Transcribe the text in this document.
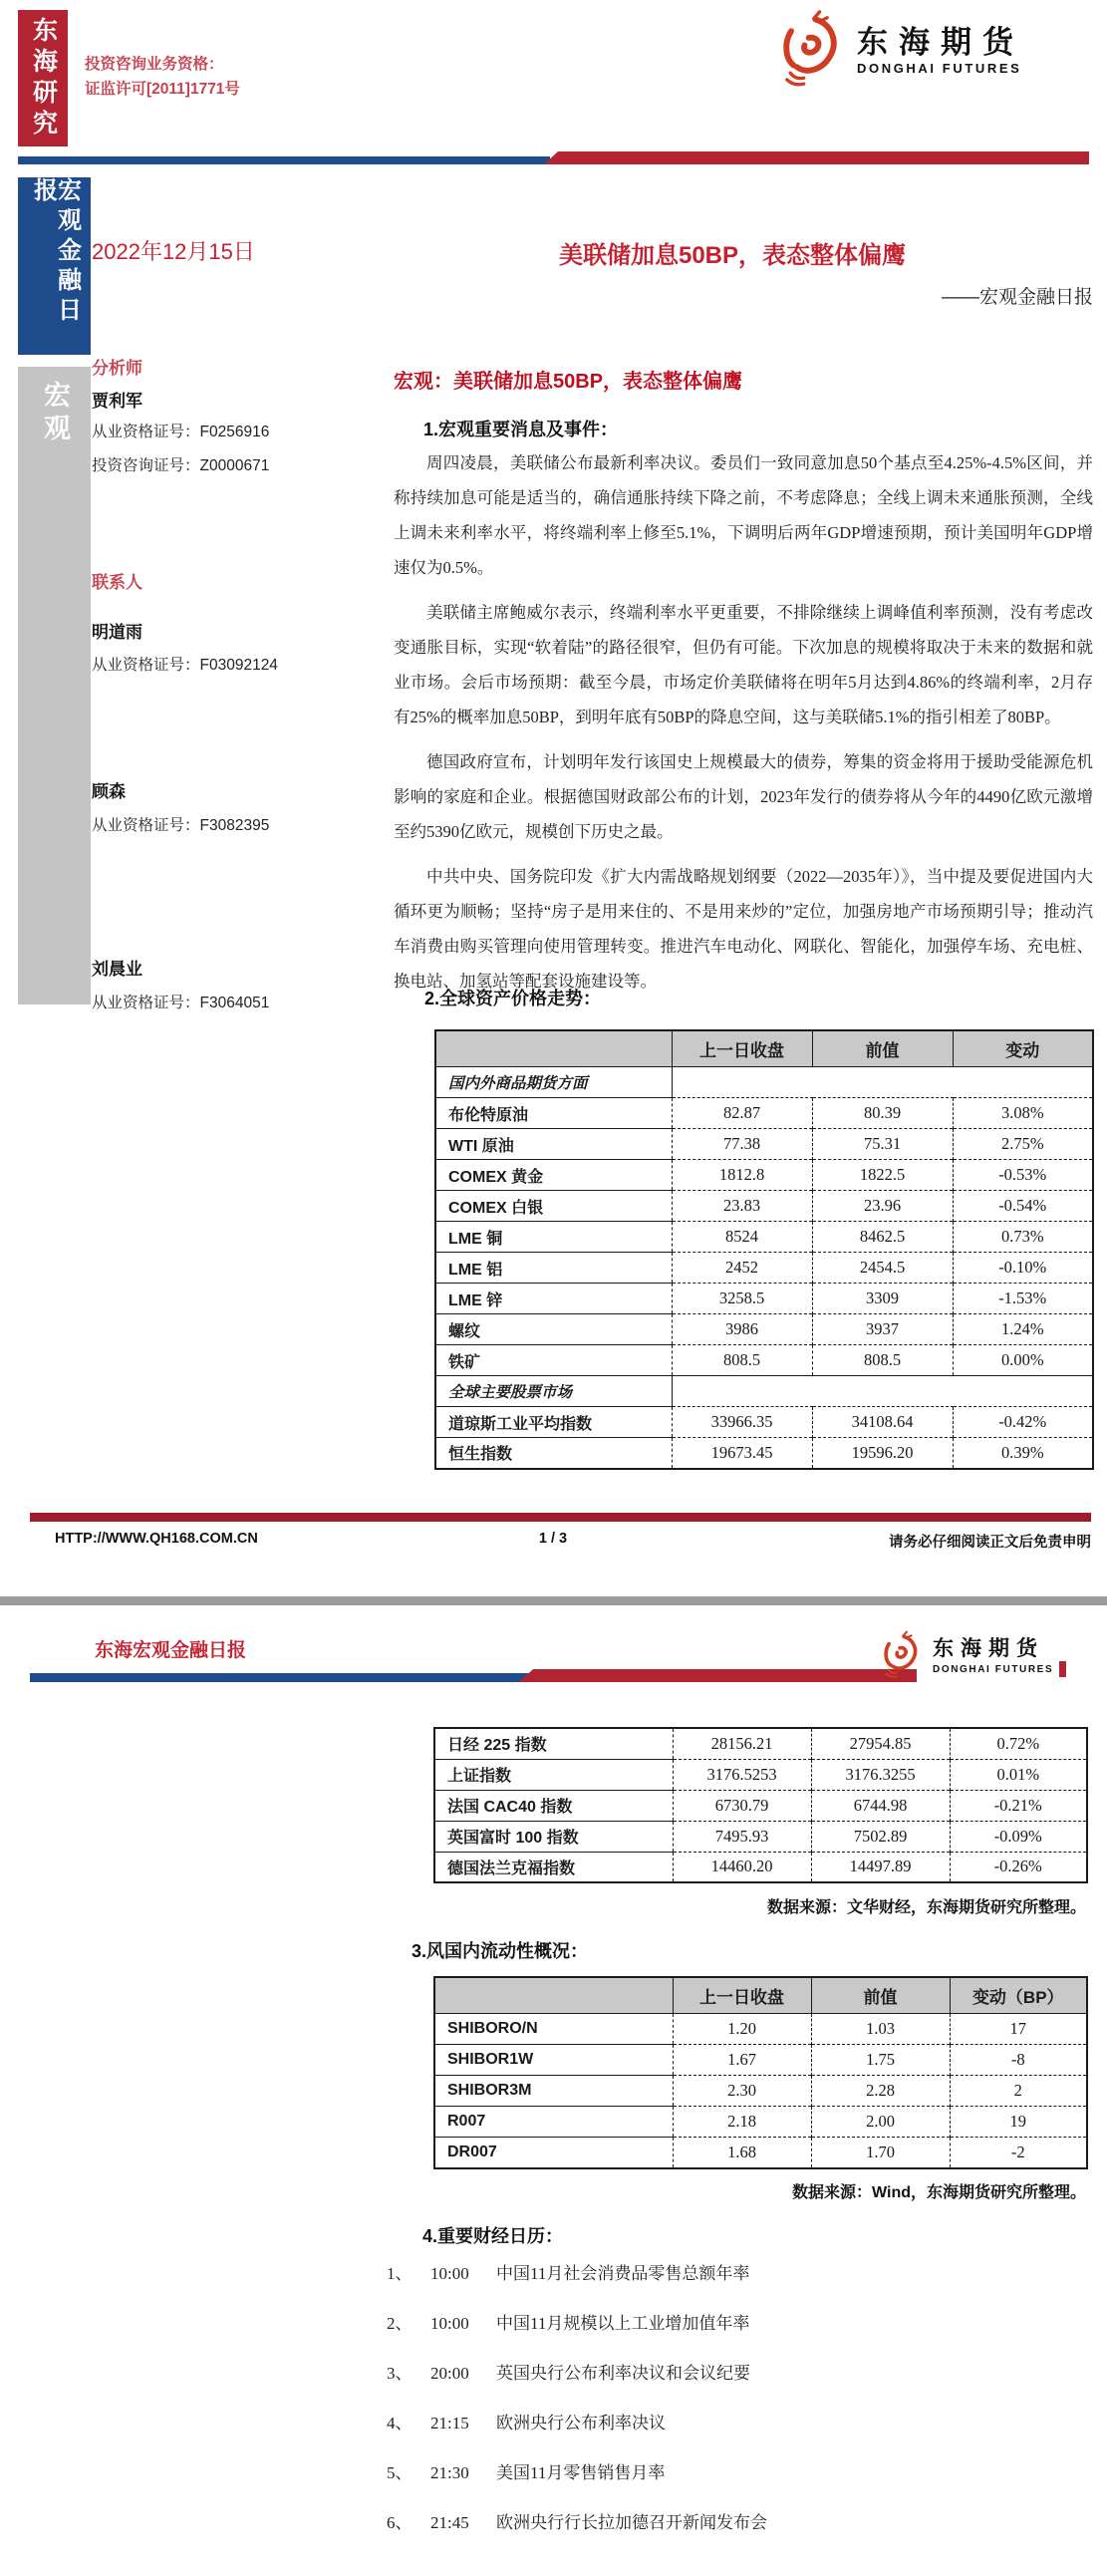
东海研究 投资咨询业务资格：
证监许可[2011]1771号
东海期货
DONGHAI FUTURES
宏观金融日报
宏观
2022年12月15日	美联储加息50BP，表态整体偏鹰
——宏观金融日报
分析师
贾利军
从业资格证号：F0256916
投资咨询证号：Z0000671
联系人
明道雨
从业资格证号：F03092124
顾森
从业资格证号：F3082395
刘晨业
从业资格证号：F3064051
宏观：美联储加息50BP，表态整体偏鹰
1.宏观重要消息及事件：

周四凌晨，美联储公布最新利率决议。委员们一致同意加息50个基点至4.25%-4.5%区间，并称持续加息可能是适当的，确信通胀持续下降之前，不考虑降息；全线上调未来通胀预测，全线上调未来利率水平，将终端利率上修至5.1%，下调明后两年GDP增速预期，预计美国明年GDP增速仅为0.5%。

美联储主席鲍威尔表示，终端利率水平更重要，不排除继续上调峰值利率预测，没有考虑改变通胀目标，实现“软着陆”的路径很窄，但仍有可能。下次加息的规模将取决于未来的数据和就业市场。会后市场预期：截至今晨，市场定价美联储将在明年5月达到4.86%的终端利率，2月存有25%的概率加息50BP，到明年底有50BP的降息空间，这与美联储5.1%的指引相差了80BP。

德国政府宣布，计划明年发行该国史上规模最大的债券，筹集的资金将用于援助受能源危机影响的家庭和企业。根据德国财政部公布的计划，2023年发行的债券将从今年的4490亿欧元激增至约5390亿欧元，规模创下历史之最。

中共中央、国务院印发《扩大内需战略规划纲要（2022—2035年）》，当中提及要促进国内大循环更为顺畅；坚持“房子是用来住的、不是用来炒的”定位，加强房地产市场预期引导；推动汽车消费由购买管理向使用管理转变。推进汽车电动化、网联化、智能化，加强停车场、充电桩、换电站、加氢站等配套设施建设等。

2.全球资产价格走势：
	上一日收盘	前值	变动
国内外商品期货方面			
布伦特原油	82.87	80.39	3.08%
WTI 原油	77.38	75.31	2.75%
COMEX 黄金	1812.8	1822.5	-0.53%
COMEX 白银	23.83	23.96	-0.54%
LME 铜	8524	8462.5	0.73%
LME 铝	2452	2454.5	-0.10%
LME 锌	3258.5	3309	-1.53%
螺纹	3986	3937	1.24%
铁矿	808.5	808.5	0.00%
全球主要股票市场			
道琼斯工业平均指数	33966.35	34108.64	-0.42%
恒生指数	19673.45	19596.20	0.39%
HTTP://WWW.QH168.COM.CN	1 / 3	请务必仔细阅读正文后免责申明
东海宏观金融日报	东海期货
DONGHAI FUTURES
日经 225 指数	28156.21	27954.85	0.72%
上证指数	3176.5253	3176.3255	0.01%
法国 CAC40 指数	6730.79	6744.98	-0.21%
英国富时 100 指数	7495.93	7502.89	-0.09%
德国法兰克福指数	14460.20	14497.89	-0.26%
数据来源：文华财经，东海期货研究所整理。
3.风国内流动性概况：
	上一日收盘	前值	变动（BP）
SHIBORO/N	1.20	1.03	17
SHIBOR1W	1.67	1.75	-8
SHIBOR3M	2.30	2.28	2
R007	2.18	2.00	19
DR007	1.68	1.70	-2
数据来源：Wind，东海期货研究所整理。
4.重要财经日历：
1、 10:00	中国11月社会消费品零售总额年率
2、 10:00	中国11月规模以上工业增加值年率
3、 20:00	英国央行公布利率决议和会议纪要
4、 21:15	欧洲央行公布利率决议
5、 21:30	美国11月零售销售月率
6、 21:45	欧洲央行行长拉加德召开新闻发布会
